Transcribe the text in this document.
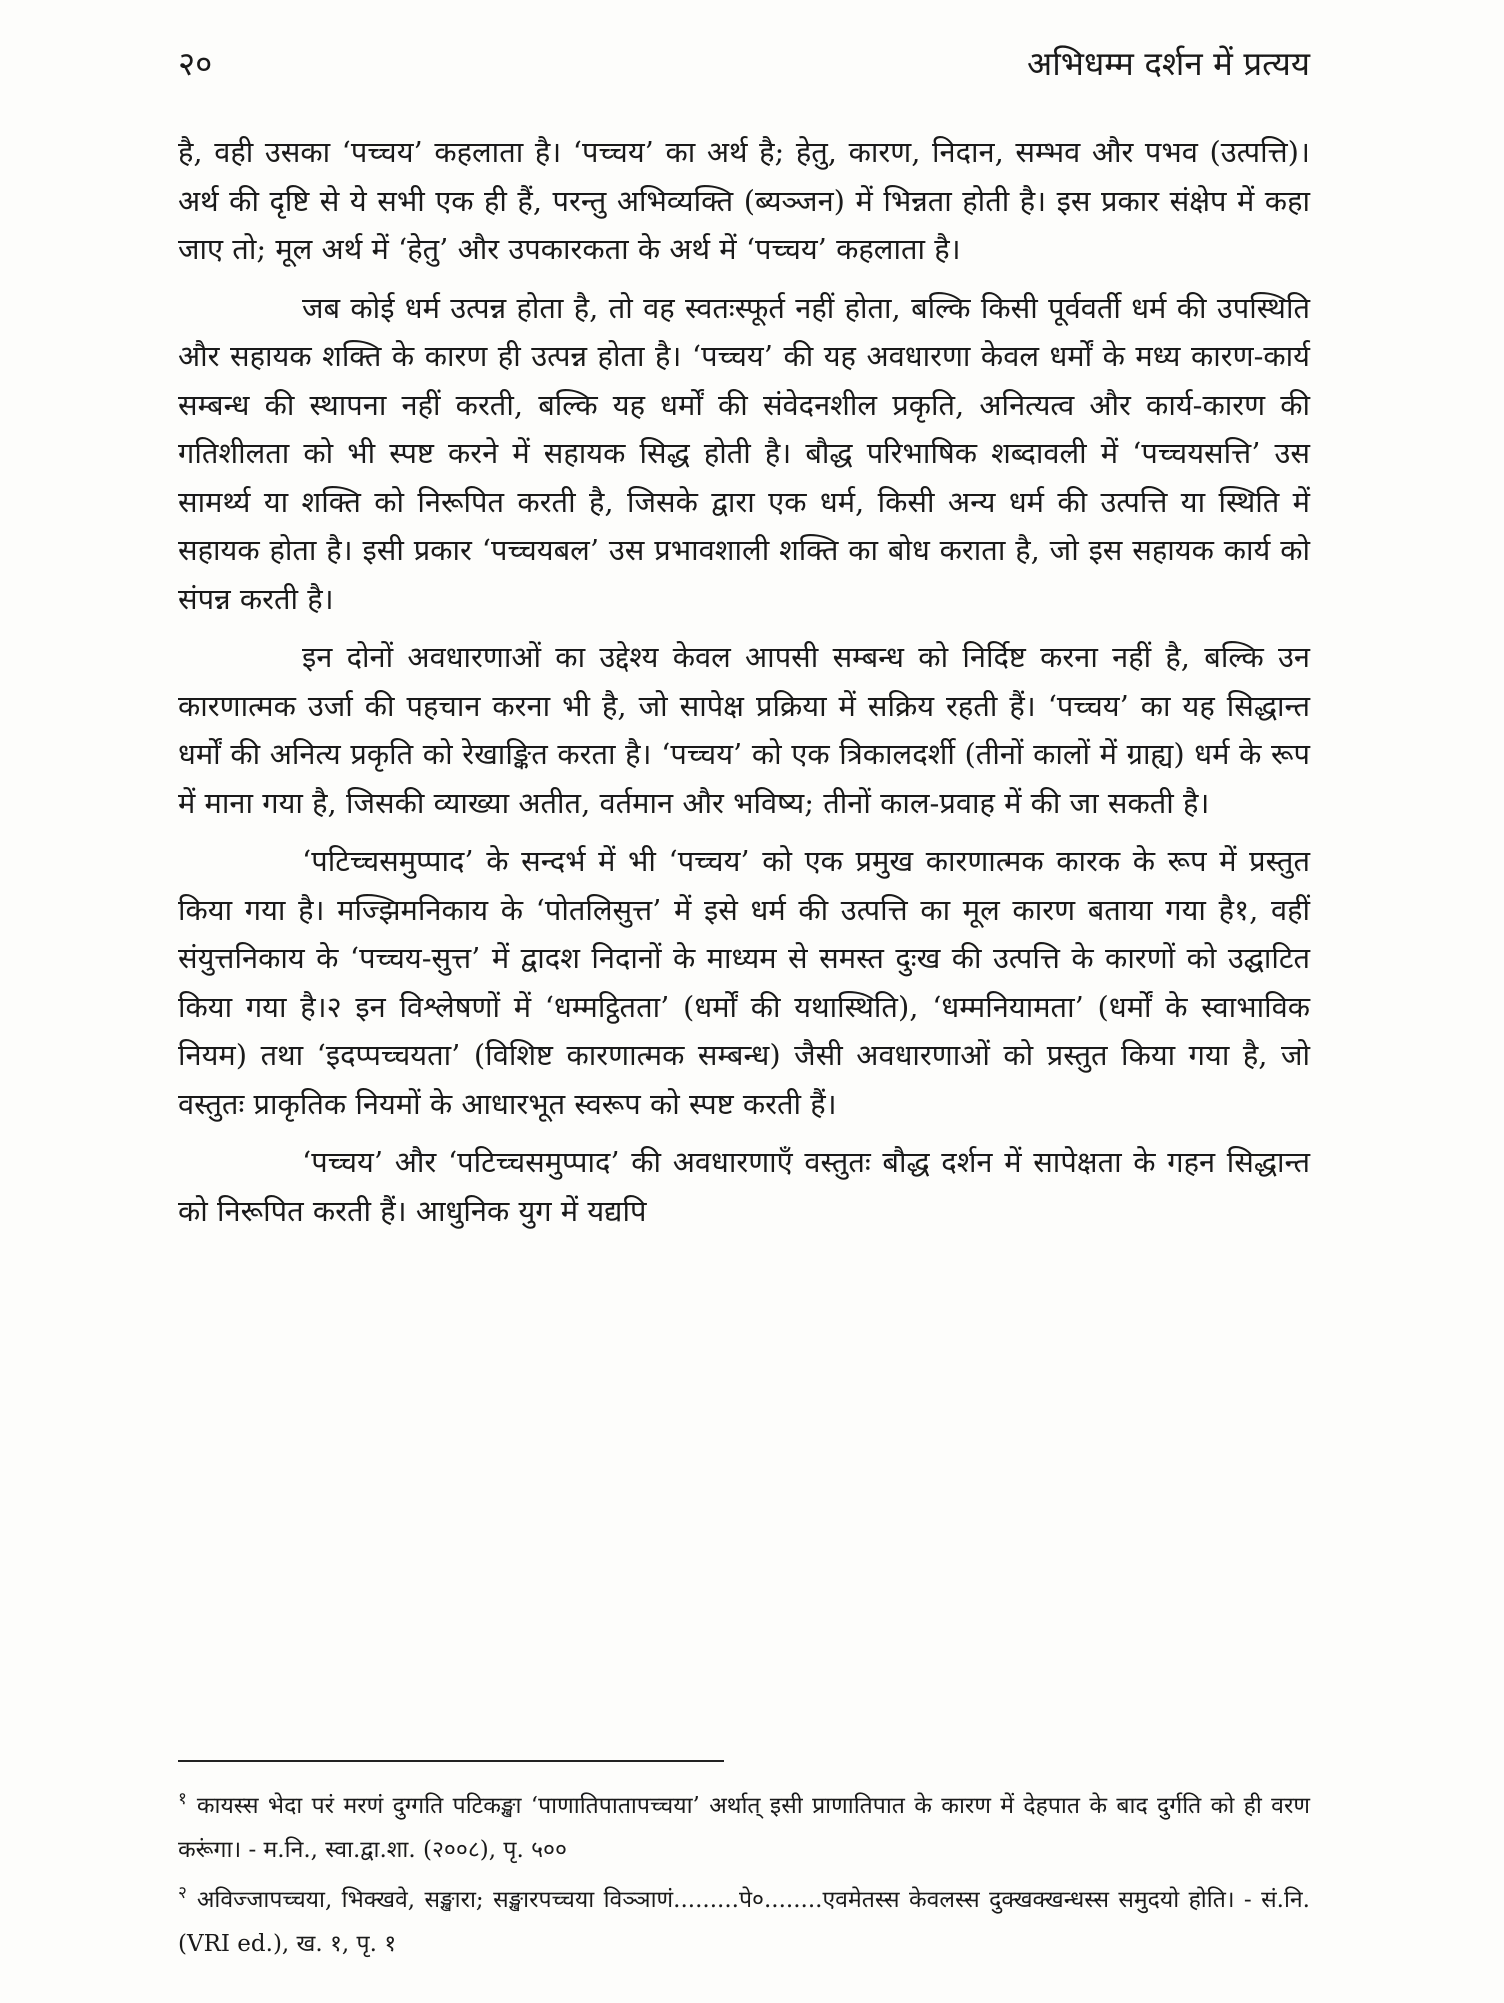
२०	अभिधम्म दर्शन में प्रत्यय

है, वही उसका ‘पच्चय’ कहलाता है। ‘पच्चय’ का अर्थ है; हेतु, कारण, निदान, सम्भव और पभव (उत्पत्ति)। अर्थ की दृष्टि से ये सभी एक ही हैं, परन्तु अभिव्यक्ति (ब्यञ्जन) में भिन्नता होती है। इस प्रकार संक्षेप में कहा जाए तो; मूल अर्थ में ‘हेतु’ और उपकारकता के अर्थ में ‘पच्चय’ कहलाता है।

जब कोई धर्म उत्पन्न होता है, तो वह स्वतःस्फूर्त नहीं होता, बल्कि किसी पूर्ववर्ती धर्म की उपस्थिति और सहायक शक्ति के कारण ही उत्पन्न होता है। ‘पच्चय’ की यह अवधारणा केवल धर्मों के मध्य कारण-कार्य सम्बन्ध की स्थापना नहीं करती, बल्कि यह धर्मों की संवेदनशील प्रकृति, अनित्यत्व और कार्य-कारण की गतिशीलता को भी स्पष्ट करने में सहायक सिद्ध होती है। बौद्ध परिभाषिक शब्दावली में ‘पच्चयसत्ति’ उस सामर्थ्य या शक्ति को निरूपित करती है, जिसके द्वारा एक धर्म, किसी अन्य धर्म की उत्पत्ति या स्थिति में सहायक होता है। इसी प्रकार ‘पच्चयबल’ उस प्रभावशाली शक्ति का बोध कराता है, जो इस सहायक कार्य को संपन्न करती है।

इन दोनों अवधारणाओं का उद्देश्य केवल आपसी सम्बन्ध को निर्दिष्ट करना नहीं है, बल्कि उन कारणात्मक उर्जा की पहचान करना भी है, जो सापेक्ष प्रक्रिया में सक्रिय रहती हैं। ‘पच्चय’ का यह सिद्धान्त धर्मों की अनित्य प्रकृति को रेखाङ्कित करता है। ‘पच्चय’ को एक त्रिकालदर्शी (तीनों कालों में ग्राह्य) धर्म के रूप में माना गया है, जिसकी व्याख्या अतीत, वर्तमान और भविष्य; तीनों काल-प्रवाह में की जा सकती है।

‘पटिच्चसमुप्पाद’ के सन्दर्भ में भी ‘पच्चय’ को एक प्रमुख कारणात्मक कारक के रूप में प्रस्तुत किया गया है। मज्झिमनिकाय के ‘पोतलिसुत्त’ में इसे धर्म की उत्पत्ति का मूल कारण बताया गया है१, वहीं संयुत्तनिकाय के ‘पच्चय-सुत्त’ में द्वादश निदानों के माध्यम से समस्त दुःख की उत्पत्ति के कारणों को उद्घाटित किया गया है।२ इन विश्लेषणों में ‘धम्मट्ठितता’ (धर्मों की यथास्थिति), ‘धम्मनियामता’ (धर्मों के स्वाभाविक नियम) तथा ‘इदप्पच्चयता’ (विशिष्ट कारणात्मक सम्बन्ध) जैसी अवधारणाओं को प्रस्तुत किया गया है, जो वस्तुतः प्राकृतिक नियमों के आधारभूत स्वरूप को स्पष्ट करती हैं।

‘पच्चय’ और ‘पटिच्चसमुप्पाद’ की अवधारणाएँ वस्तुतः बौद्ध दर्शन में सापेक्षता के गहन सिद्धान्त को निरूपित करती हैं। आधुनिक युग में यद्यपि

$^१$ कायस्स भेदा परं मरणं दुग्गति पटिकङ्खा ‘पाणातिपातापच्चया’ अर्थात् इसी प्राणातिपात के कारण में देहपात के बाद दुर्गति को ही वरण करूंगा। - म.नि., स्वा.द्वा.शा. (२००८), पृ. ५००

$^२$ अविज्जापच्चया, भिक्खवे, सङ्खारा; सङ्खारपच्चया विञ्ञाणं.........पे०........एवमेतस्स केवलस्स दुक्खक्खन्धस्स समुदयो होति। - सं.नि. (VRI ed.), ख. १, पृ. १
